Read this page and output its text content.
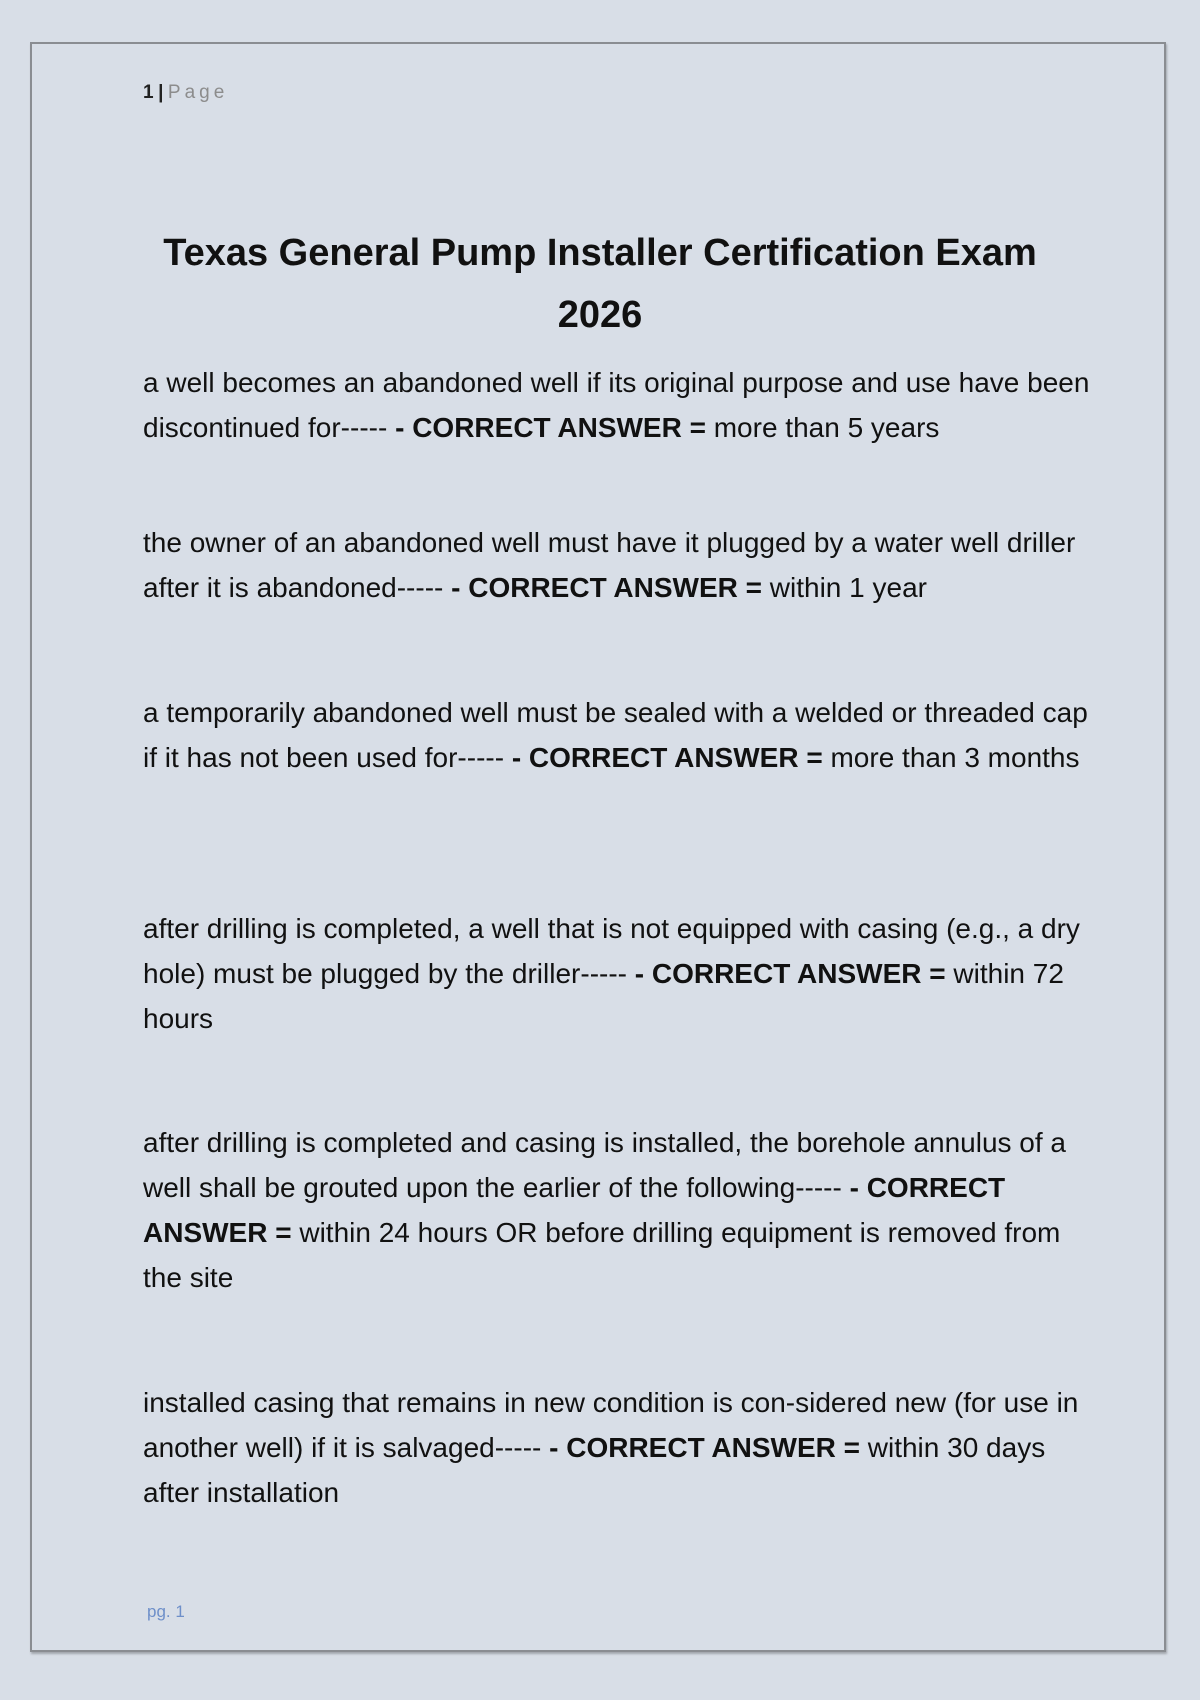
1 | Page
Texas General Pump Installer Certification Exam
2026
a well becomes an abandoned well if its original purpose and use have been discontinued for----- - CORRECT ANSWER = more than 5 years
the owner of an abandoned well must have it plugged by a water well driller after it is abandoned----- - CORRECT ANSWER = within 1 year
a temporarily abandoned well must be sealed with a welded or threaded cap if it has not been used for----- - CORRECT ANSWER = more than 3 months
after drilling is completed, a well that is not equipped with casing (e.g., a dry hole) must be plugged by the driller----- - CORRECT ANSWER = within 72 hours
after drilling is completed and casing is installed, the borehole annulus of a well shall be grouted upon the earlier of the following----- - CORRECT ANSWER = within 24 hours OR before drilling equipment is removed from the site
installed casing that remains in new condition is con-sidered new (for use in another well) if it is salvaged----- - CORRECT ANSWER = within 30 days after installation
pg. 1
